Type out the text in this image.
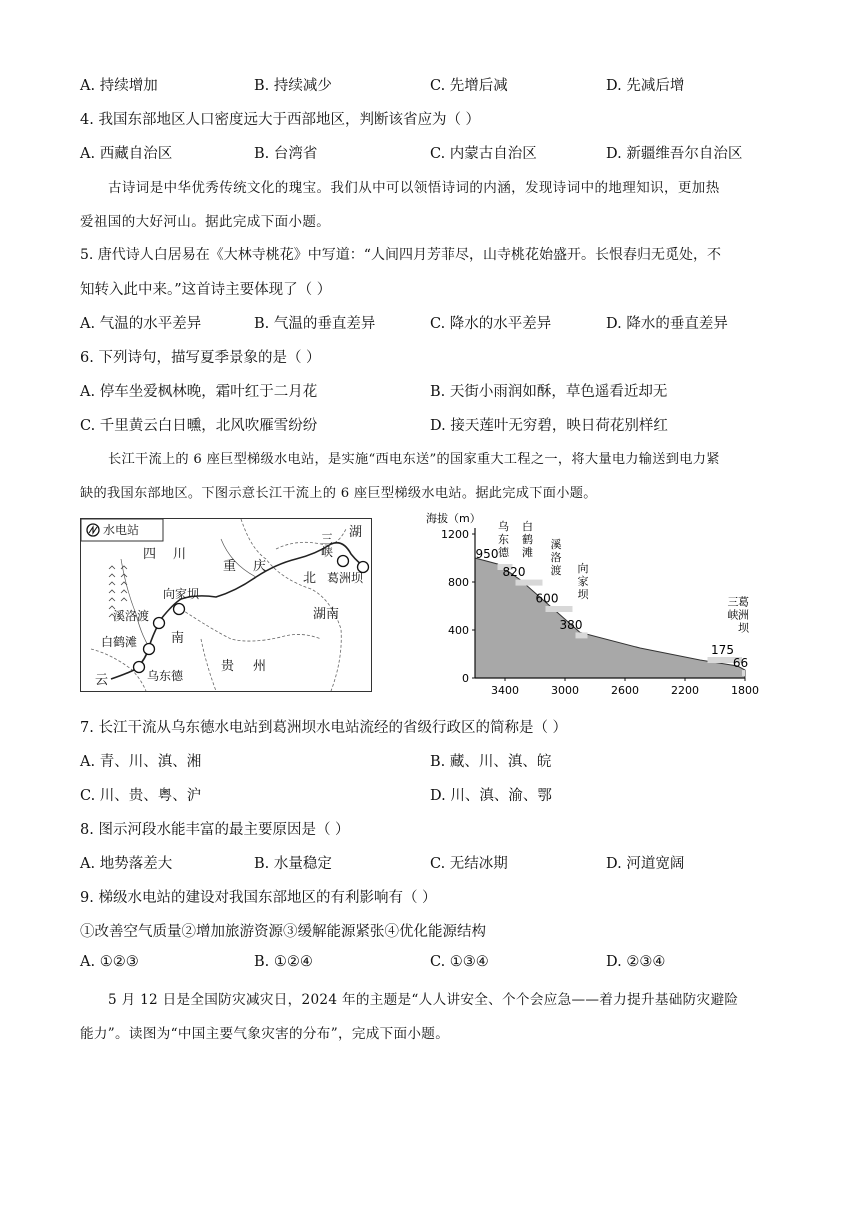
A. 持续增加	B. 持续减少	C. 先增后减	D. 先减后增
4. 我国东部地区人口密度远大于西部地区，判断该省应为（ ）
A. 西藏自治区	B. 台湾省	C. 内蒙古自治区	D. 新疆维吾尔自治区
古诗词是中华优秀传统文化的瑰宝。我们从中可以领悟诗词的内涵，发现诗词中的地理知识，更加热
爱祖国的大好河山。据此完成下面小题。
5. 唐代诗人白居易在《大林寺桃花》中写道：“人间四月芳菲尽，山寺桃花始盛开。长恨春归无觅处，不
知转入此中来。”这首诗主要体现了（ ）
A. 气温的水平差异	B. 气温的垂直差异	C. 降水的水平差异	D. 降水的垂直差异
6. 下列诗句，描写夏季景象的是（ ）
A. 停车坐爱枫林晚，霜叶红于二月花	B. 天街小雨润如酥，草色遥看近却无
C. 千里黄云白日曛，北风吹雁雪纷纷	D. 接天莲叶无穷碧，映日荷花别样红
长江干流上的 6 座巨型梯级水电站，是实施“西电东送”的国家重大工程之一，将大量电力输送到电力紧
缺的我国东部地区。下图示意长江干流上的 6 座巨型梯级水电站。据此完成下面小题。
水电站
四 川
重 庆
北
湖
湖南
贵 州
云
南
三峡
葛洲坝
向家坝
溪洛渡
白鹤滩
乌东德
海拔（m）
1200
800
400
0
3400	3000	2600	2200	1800
950
乌东德
820
白鹤滩
600
溪洛渡
380
向家坝
175
三峡
66
葛洲坝
7. 长江干流从乌东德水电站到葛洲坝水电站流经的省级行政区的简称是（ ）
A. 青、川、滇、湘	B. 藏、川、滇、皖
C. 川、贵、粤、沪	D. 川、滇、渝、鄂
8. 图示河段水能丰富的最主要原因是（ ）
A. 地势落差大	B. 水量稳定	C. 无结冰期	D. 河道宽阔
9. 梯级水电站的建设对我国东部地区的有利影响有（ ）
①改善空气质量②增加旅游资源③缓解能源紧张④优化能源结构
A. ①②③	B. ①②④	C. ①③④	D. ②③④
5 月 12 日是全国防灾减灾日，2024 年的主题是“人人讲安全、个个会应急——着力提升基础防灾避险
能力”。读图为“中国主要气象灾害的分布”，完成下面小题。
